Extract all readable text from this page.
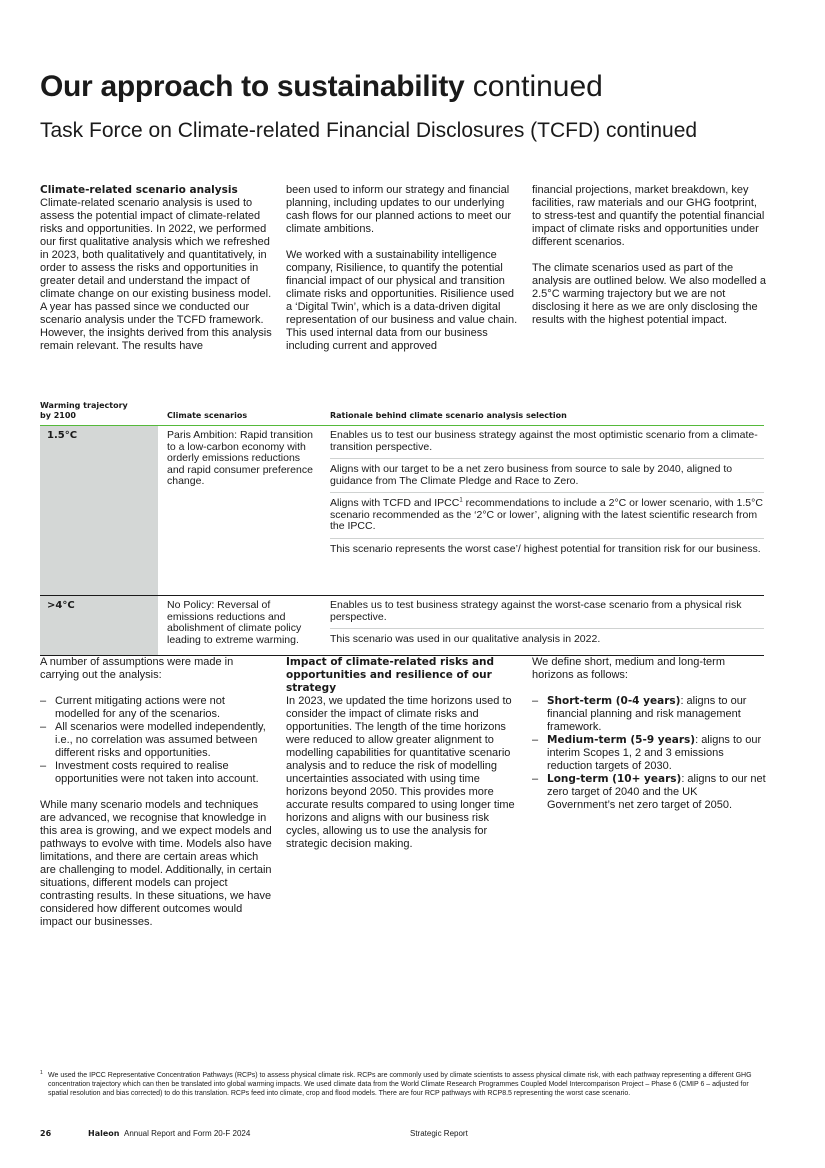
Our approach to sustainability continued
Task Force on Climate-related Financial Disclosures (TCFD) continued
Climate-related scenario analysis

Climate-related scenario analysis is used to assess the potential impact of climate-related risks and opportunities. In 2022, we performed our first qualitative analysis which we refreshed in 2023, both qualitatively and quantitatively, in order to assess the risks and opportunities in greater detail and understand the impact of climate change on our existing business model. A year has passed since we conducted our scenario analysis under the TCFD framework. However, the insights derived from this analysis remain relevant. The results have

been used to inform our strategy and financial planning, including updates to our underlying cash flows for our planned actions to meet our climate ambitions.

We worked with a sustainability intelligence company, Risilience, to quantify the potential financial impact of our physical and transition climate risks and opportunities. Risilience used a ‘Digital Twin’, which is a data-driven digital representation of our business and value chain. This used internal data from our business including current and approved

financial projections, market breakdown, key facilities, raw materials and our GHG footprint, to stress-test and quantify the potential financial impact of climate risks and opportunities under different scenarios.

The climate scenarios used as part of the analysis are outlined below. We also modelled a 2.5°C warming trajectory but we are not disclosing it here as we are only disclosing the results with the highest potential impact.

Warming trajectory
by 2100	Climate scenarios	Rationale behind climate scenario analysis selection
1.5°C	Paris Ambition: Rapid transition to a low-carbon economy with orderly emissions reductions and rapid consumer preference change.

Enables us to test our business strategy against the most optimistic scenario from a climate-transition perspective.

Aligns with our target to be a net zero business from source to sale by 2040, aligned to guidance from The Climate Pledge and Race to Zero.

Aligns with TCFD and IPCC$^1$ recommendations to include a 2°C or lower scenario, with 1.5°C scenario recommended as the ‘2°C or lower’, aligning with the latest scientific research from the IPCC.

This scenario represents the worst case’/ highest potential for transition risk for our business.

>4°C	No Policy: Reversal of emissions reductions and abolishment of climate policy leading to extreme warming.

Enables us to test business strategy against the worst-case scenario from a physical risk perspective.

This scenario was used in our qualitative analysis in 2022.

A number of assumptions were made in carrying out the analysis:

– Current mitigating actions were not modelled for any of the scenarios.
– All scenarios were modelled independently, i.e., no correlation was assumed between different risks and opportunities.
– Investment costs required to realise opportunities were not taken into account.

While many scenario models and techniques are advanced, we recognise that knowledge in this area is growing, and we expect models and pathways to evolve with time. Models also have limitations, and there are certain areas which are challenging to model. Additionally, in certain situations, different models can project contrasting results. In these situations, we have considered how different outcomes would impact our businesses.

Impact of climate-related risks and opportunities and resilience of our strategy

In 2023, we updated the time horizons used to consider the impact of climate risks and opportunities. The length of the time horizons were reduced to allow greater alignment to modelling capabilities for quantitative scenario analysis and to reduce the risk of modelling uncertainties associated with using time horizons beyond 2050. This provides more accurate results compared to using longer time horizons and aligns with our business risk cycles, allowing us to use the analysis for strategic decision making.

We define short, medium and long-term horizons as follows:

– Short-term (0-4 years): aligns to our financial planning and risk management framework.
– Medium-term (5-9 years): aligns to our interim Scopes 1, 2 and 3 emissions reduction targets of 2030.
– Long-term (10+ years): aligns to our net zero target of 2040 and the UK Government’s net zero target of 2050.
1 We used the IPCC Representative Concentration Pathways (RCPs) to assess physical climate risk. RCPs are commonly used by climate scientists to assess physical climate risk, with each pathway representing a different GHG concentration trajectory which can then be translated into global warming impacts. We used climate data from the World Climate Research Programmes Coupled Model Intercomparison Project – Phase 6 (CMIP 6 – adjusted for spatial resolution and bias corrected) to do this translation. RCPs feed into climate, crop and flood models. There are four RCP pathways with RCP8.5 representing the worst case scenario.
26	Haleon Annual Report and Form 20-F 2024	Strategic Report
